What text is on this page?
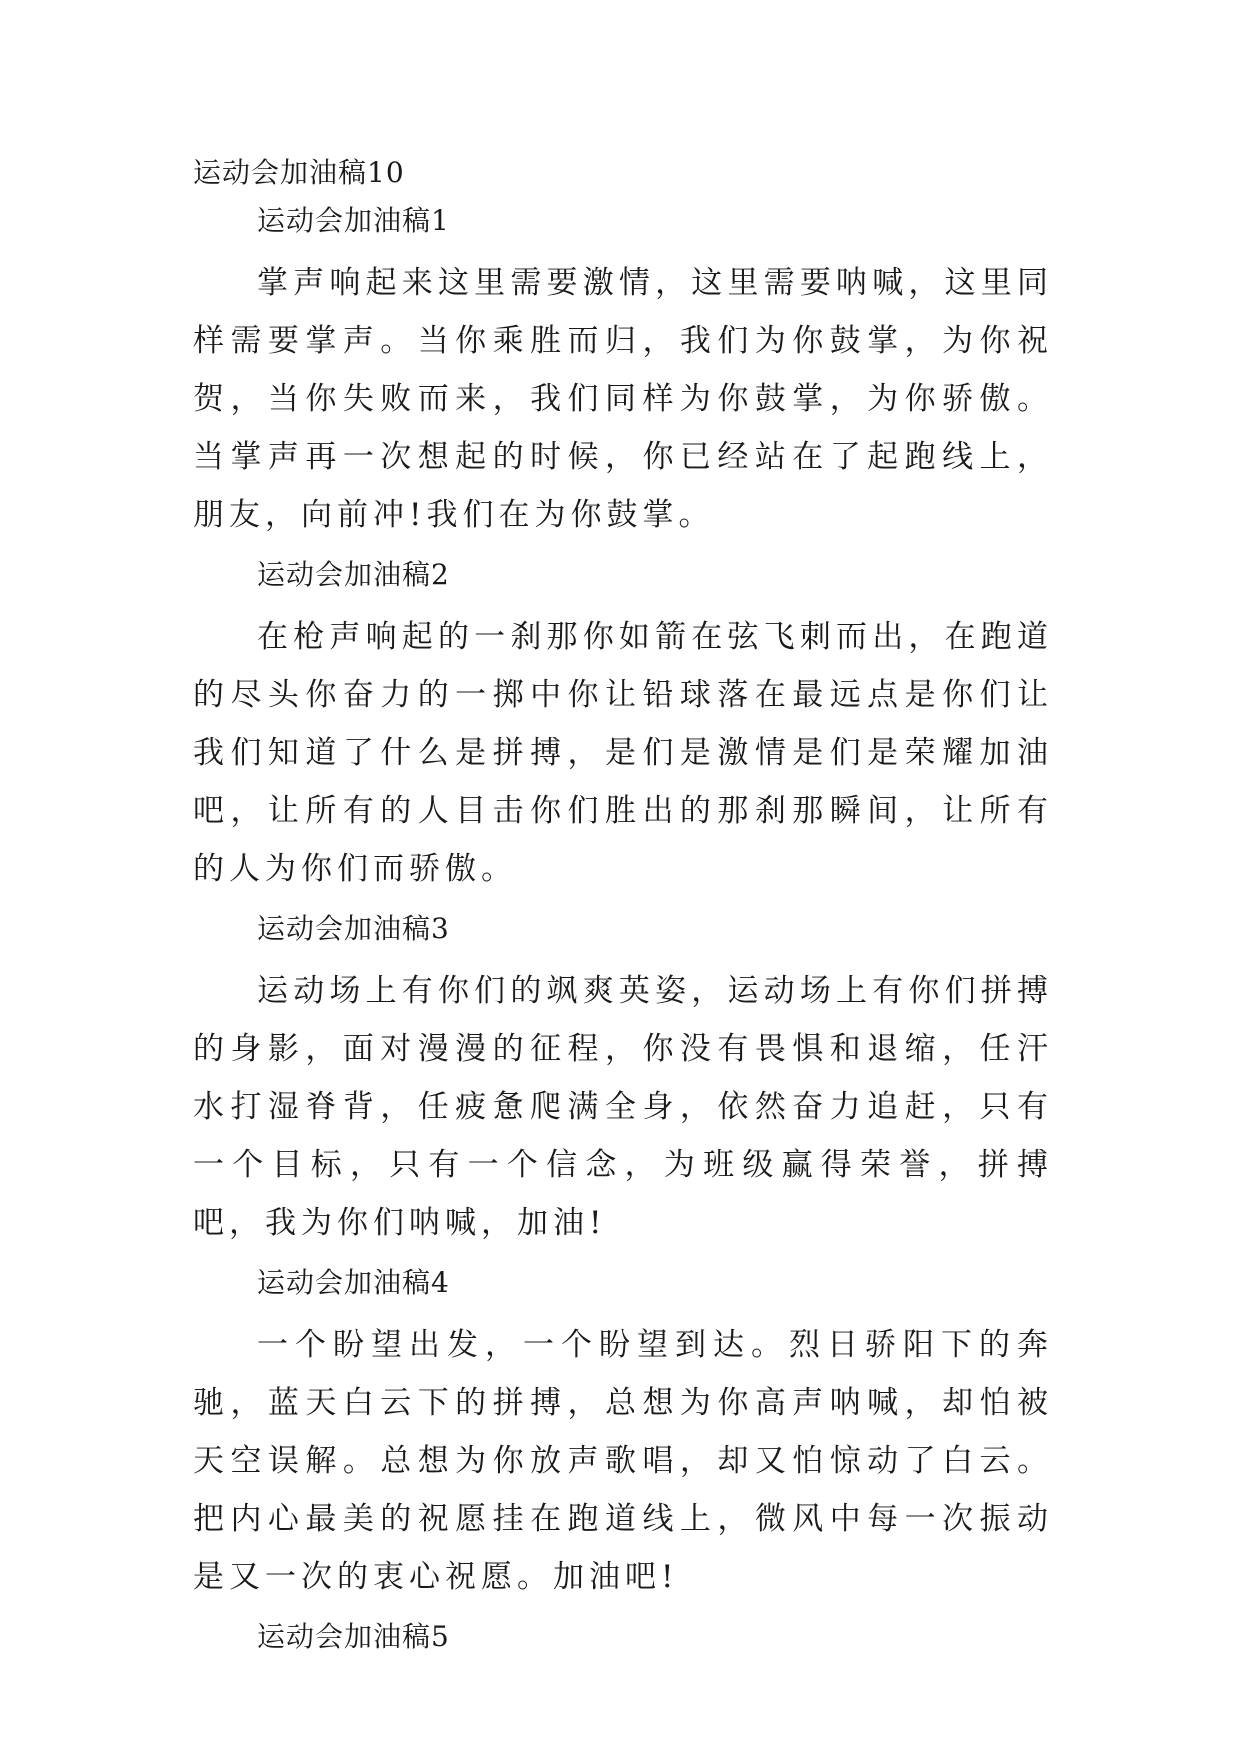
运动会加油稿10
运动会加油稿1

掌声响起来这里需要激情，这里需要呐喊，这里同样需要掌声。当你乘胜而归，我们为你鼓掌，为你祝贺，当你失败而来，我们同样为你鼓掌，为你骄傲。当掌声再一次想起的时候，你已经站在了起跑线上，朋友，向前冲!我们在为你鼓掌。

运动会加油稿2

在枪声响起的一刹那你如箭在弦飞刺而出，在跑道的尽头你奋力的一掷中你让铅球落在最远点是你们让我们知道了什么是拼搏，是们是激情是们是荣耀加油吧，让所有的人目击你们胜出的那刹那瞬间，让所有的人为你们而骄傲。

运动会加油稿3

运动场上有你们的飒爽英姿，运动场上有你们拼搏的身影，面对漫漫的征程，你没有畏惧和退缩，任汗水打湿脊背，任疲惫爬满全身，依然奋力追赶，只有一个目标，只有一个信念，为班级赢得荣誉，拼搏吧，我为你们呐喊，加油!

运动会加油稿4

一个盼望出发，一个盼望到达。烈日骄阳下的奔驰，蓝天白云下的拼搏，总想为你高声呐喊，却怕被天空误解。总想为你放声歌唱，却又怕惊动了白云。把内心最美的祝愿挂在跑道线上，微风中每一次振动是又一次的衷心祝愿。加油吧!

运动会加油稿5
